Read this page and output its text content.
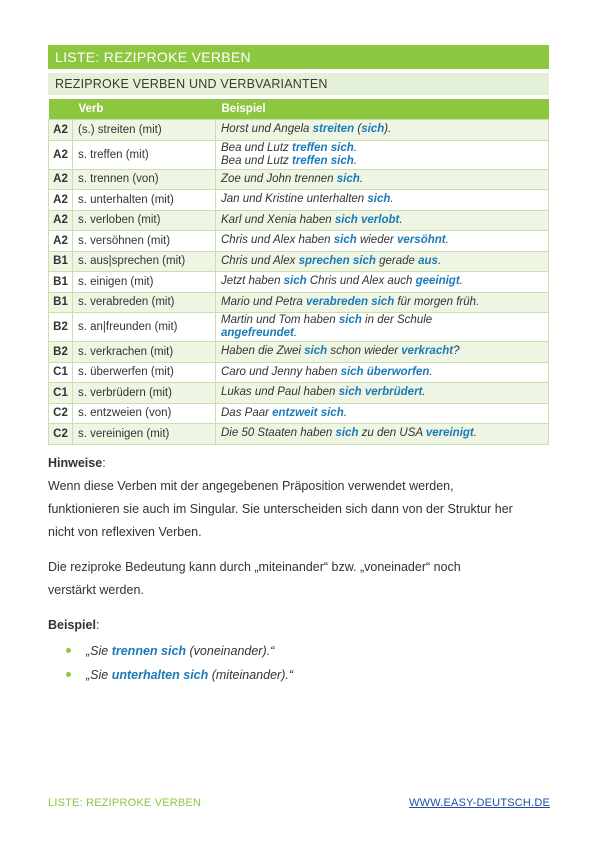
LISTE: REZIPROKE VERBEN
REZIPROKE VERBEN UND VERBVARIANTEN
	Verb	Beispiel
A2	(s.) streiten (mit)	Horst und Angela streiten (sich).
A2	s. treffen (mit)	Bea und Lutz treffen sich.
Bea und Lutz treffen sich.
A2	s. trennen (von)	Zoe und John trennen sich.
A2	s. unterhalten (mit)	Jan und Kristine unterhalten sich.
A2	s. verloben (mit)	Karl und Xenia haben sich verlobt.
A2	s. versöhnen (mit)	Chris und Alex haben sich wieder versöhnt.
B1	s. aus|sprechen (mit)	Chris und Alex sprechen sich gerade aus.
B1	s. einigen (mit)	Jetzt haben sich Chris und Alex auch geeinigt.
B1	s. verabreden (mit)	Mario und Petra verabreden sich für morgen früh.
B2	s. an|freunden (mit)	Martin und Tom haben sich in der Schule
angefreundet.
B2	s. verkrachen (mit)	Haben die Zwei sich schon wieder verkracht?
C1	s. überwerfen (mit)	Caro und Jenny haben sich überworfen.
C1	s. verbrüdern (mit)	Lukas und Paul haben sich verbrüdert.
C2	s. entzweien (von)	Das Paar entzweit sich.
C2	s. vereinigen (mit)	Die 50 Staaten haben sich zu den USA vereinigt.

Hinweise:

Wenn diese Verben mit der angegebenen Präposition verwendet werden,

funktionieren sie auch im Singular. Sie unterscheiden sich dann von der Struktur her

nicht von reflexiven Verben.

Die reziproke Bedeutung kann durch „miteinander“ bzw. „voneinader“ noch

verstärkt werden.

Beispiel:

„Sie trennen sich (voneinander).“
„Sie unterhalten sich (miteinander).“
LISTE: REZIPROKE VERBEN	WWW.EASY-DEUTSCH.DE
